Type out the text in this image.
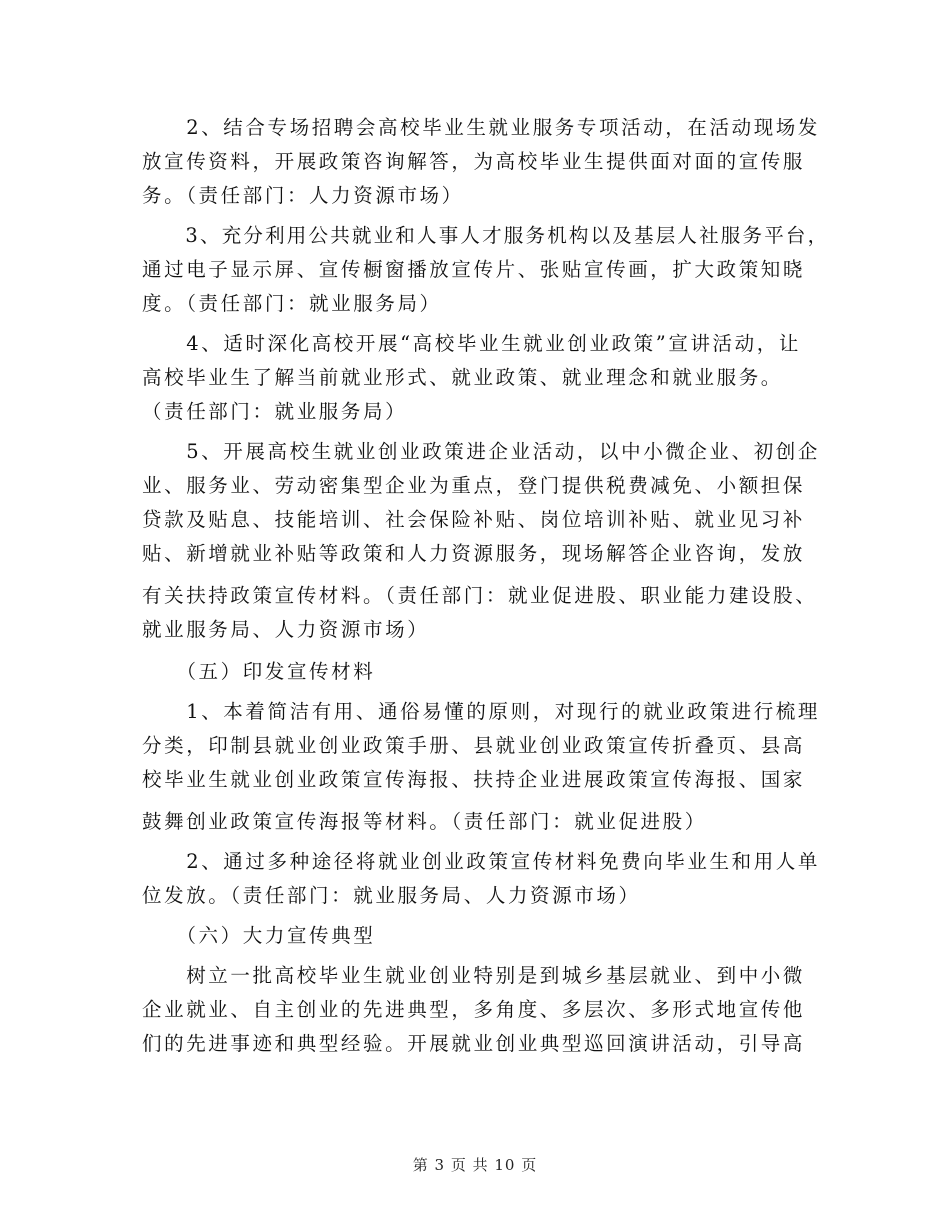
　　2、结合专场招聘会高校毕业生就业服务专项活动，在活动现场发
放宣传资料，开展政策咨询解答，为高校毕业生提供面对面的宣传服
务。（责任部门：人力资源市场）
　　3、充分利用公共就业和人事人才服务机构以及基层人社服务平台，
通过电子显示屏、宣传橱窗播放宣传片、张贴宣传画，扩大政策知晓
度。（责任部门：就业服务局）
　　4、适时深化高校开展“高校毕业生就业创业政策”宣讲活动，让
高校毕业生了解当前就业形式、就业政策、就业理念和就业服务。
（责任部门：就业服务局）
　　5、开展高校生就业创业政策进企业活动，以中小微企业、初创企
业、服务业、劳动密集型企业为重点，登门提供税费减免、小额担保
贷款及贴息、技能培训、社会保险补贴、岗位培训补贴、就业见习补
贴、新增就业补贴等政策和人力资源服务，现场解答企业咨询，发放
有关扶持政策宣传材料。（责任部门：就业促进股、职业能力建设股、
就业服务局、人力资源市场）
　　（五）印发宣传材料
　　1、本着简洁有用、通俗易懂的原则，对现行的就业政策进行梳理
分类，印制县就业创业政策手册、县就业创业政策宣传折叠页、县高
校毕业生就业创业政策宣传海报、扶持企业进展政策宣传海报、国家
鼓舞创业政策宣传海报等材料。（责任部门：就业促进股）
　　2、通过多种途径将就业创业政策宣传材料免费向毕业生和用人单
位发放。（责任部门：就业服务局、人力资源市场）
　　（六）大力宣传典型
　　树立一批高校毕业生就业创业特别是到城乡基层就业、到中小微
企业就业、自主创业的先进典型，多角度、多层次、多形式地宣传他
们的先进事迹和典型经验。开展就业创业典型巡回演讲活动，引导高
第 3 页 共 10 页
